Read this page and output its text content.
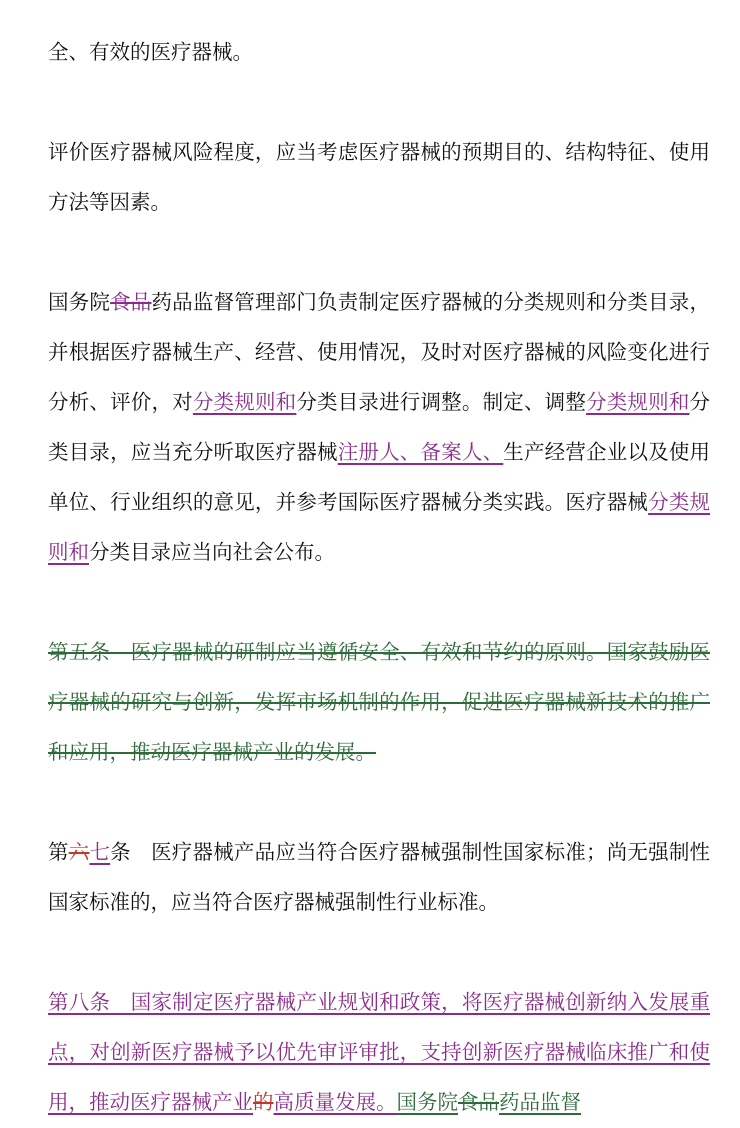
全、有效的医疗器械。

评价医疗器械风险程度，应当考虑医疗器械的预期目的、结构特征、使用方法等因素。

国务院食品药品监督管理部门负责制定医疗器械的分类规则和分类目录，并根据医疗器械生产、经营、使用情况，及时对医疗器械的风险变化进行分析、评价，对分类规则和分类目录进行调整。制定、调整分类规则和分类目录，应当充分听取医疗器械注册人、备案人、生产经营企业以及使用单位、行业组织的意见，并参考国际医疗器械分类实践。医疗器械分类规则和分类目录应当向社会公布。

第五条　医疗器械的研制应当遵循安全、有效和节约的原则。国家鼓励医疗器械的研究与创新，发挥市场机制的作用，促进医疗器械新技术的推广和应用，推动医疗器械产业的发展。

第六七条 医疗器械产品应当符合医疗器械强制性国家标准；尚无强制性国家标准的，应当符合医疗器械强制性行业标准。

第八条　国家制定医疗器械产业规划和政策，将医疗器械创新纳入发展重点，对创新医疗器械予以优先审评审批，支持创新医疗器械临床推广和使用，推动医疗器械产业的高质量发展。国务院食品药品监督
